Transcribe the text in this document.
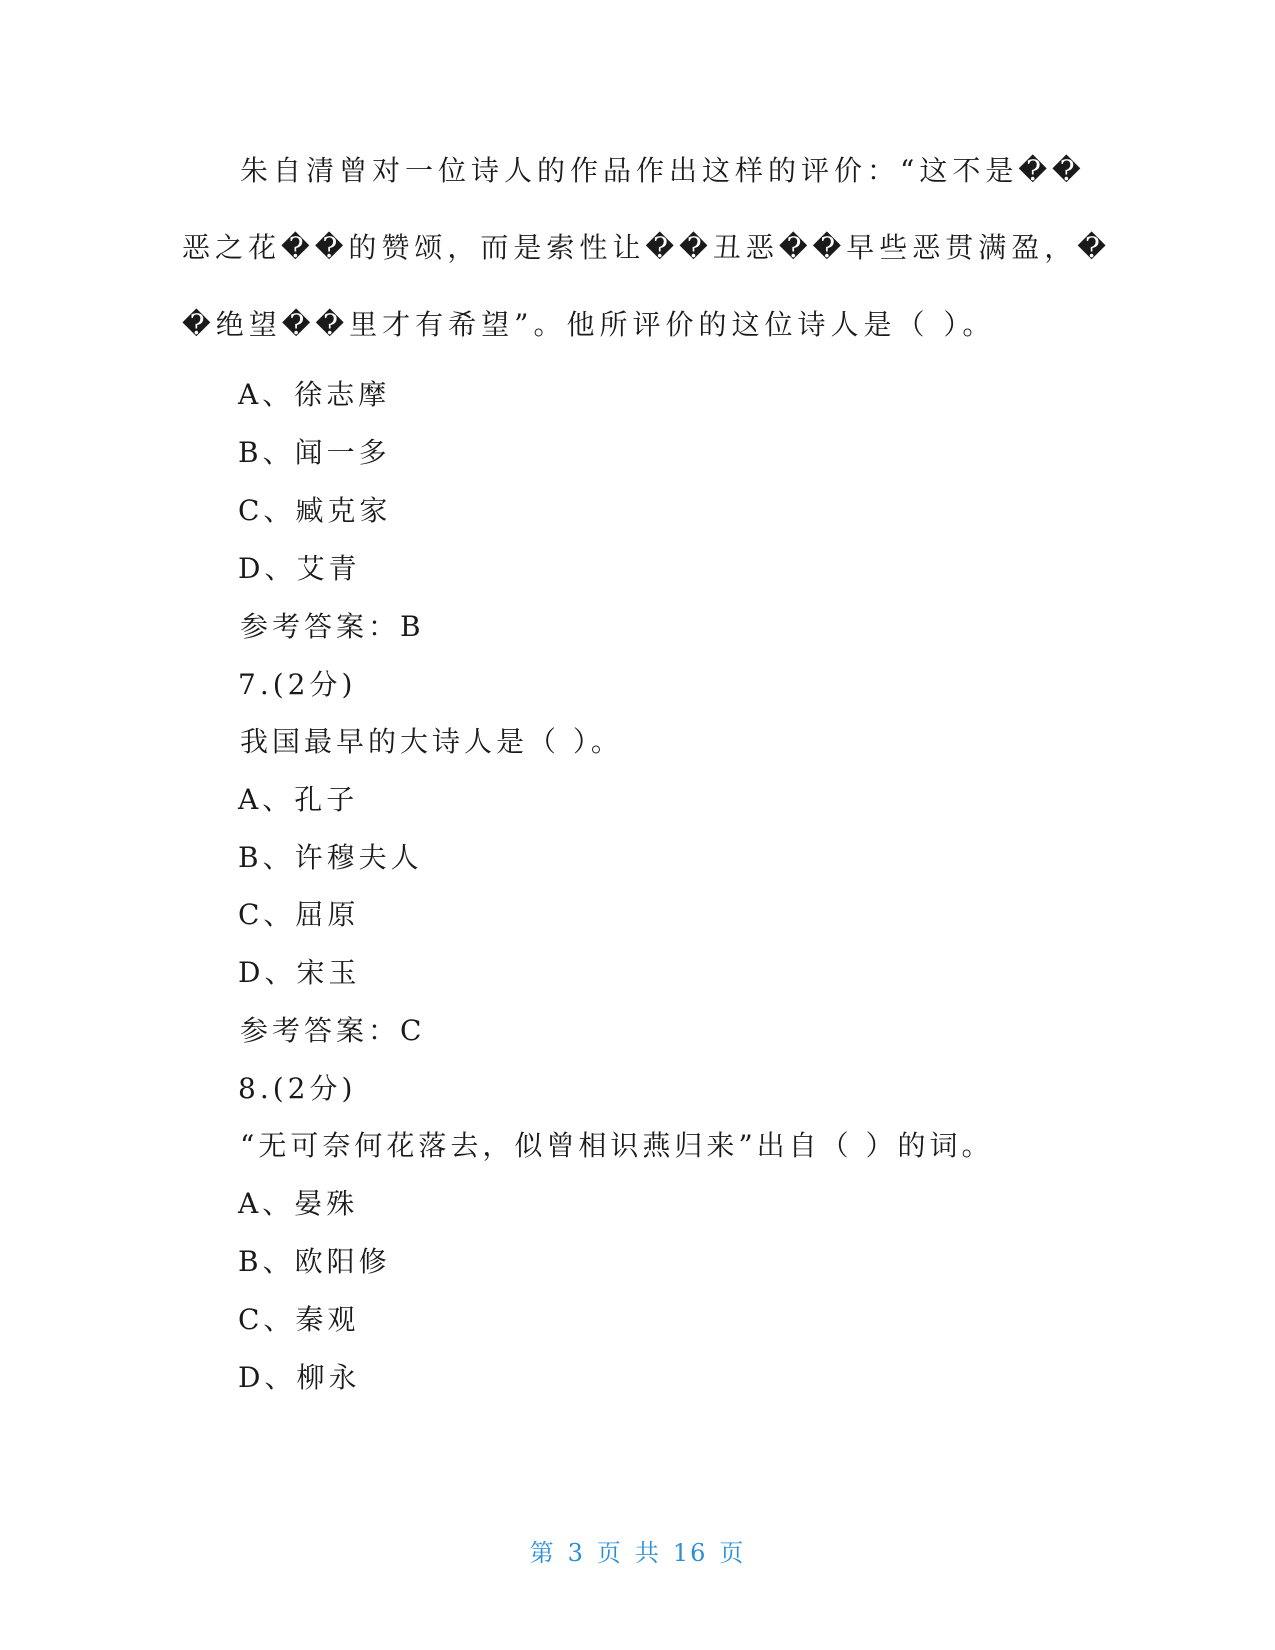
朱自清曾对一位诗人的作品作出这样的评价：“这不是��
恶之花��的赞颂，而是索性让��丑恶��早些恶贯满盈，�
�绝望��里才有希望”。他所评价的这位诗人是（ ）。
A、徐志摩
B、闻一多
C、臧克家
D、艾青
参考答案：B
7.(2分)
我国最早的大诗人是（ ）。
A、孔子
B、许穆夫人
C、屈原
D、宋玉
参考答案：C
8.(2分)
“无可奈何花落去，似曾相识燕归来”出自（ ）的词。
A、晏殊
B、欧阳修
C、秦观
D、柳永
第 3 页 共 16 页
